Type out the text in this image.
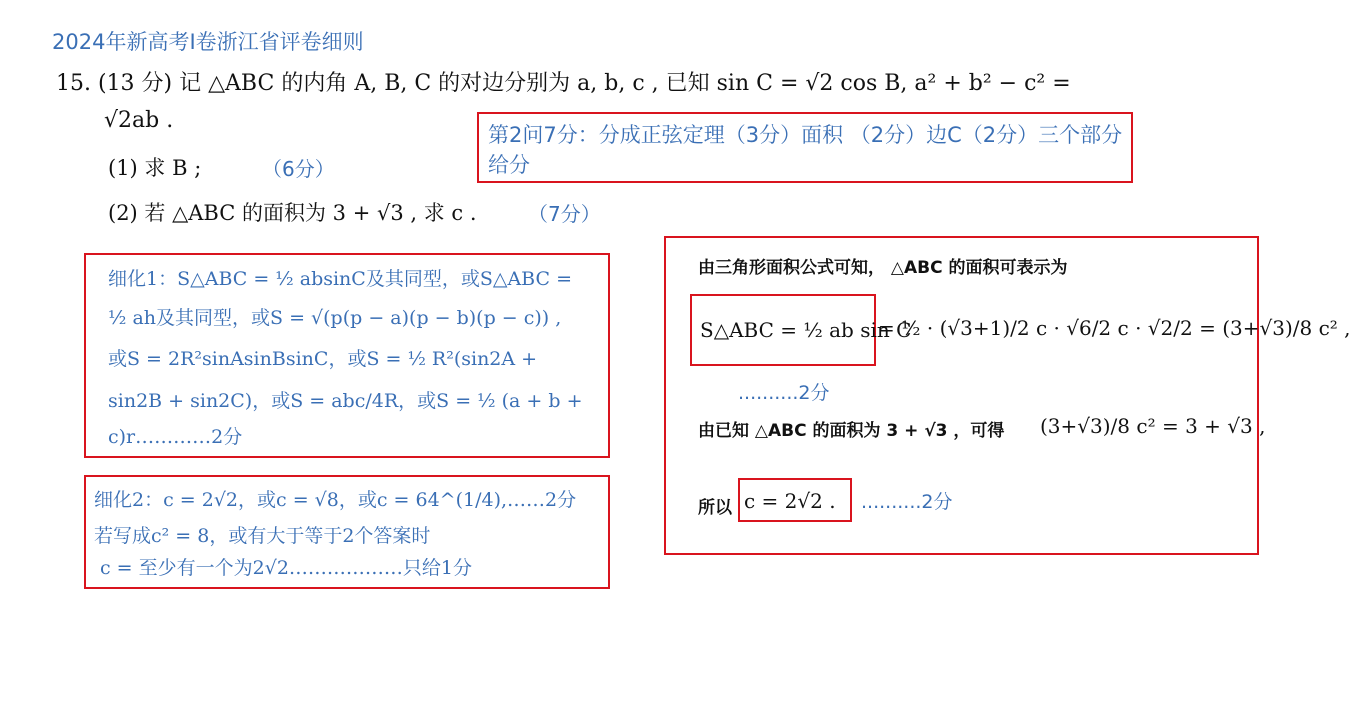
2024年新高考Ⅰ卷浙江省评卷细则
15. (13 分) 记 △ABC 的内角 A, B, C 的对边分别为 a, b, c , 已知 sin C = √2 cos B, a² + b² − c² =
√2ab .
(1) 求 B ;	（6分）
(2) 若 △ABC 的面积为 3 + √3 , 求 c .	（7分）
第2问7分：分成正弦定理（3分）面积 （2分）边C（2分）三个部分给分
细化1：S△ABC = ½ absinC及其同型，或S△ABC =
½ ah及其同型，或S = √(p(p − a)(p − b)(p − c)) ,
或S = 2R²sinAsinBsinC，或S = ½ R²(sin2A +
sin2B + sin2C)，或S = abc/4R，或S = ½ (a + b +
c)r…………2分
细化2：c = 2√2，或c = √8，或c = 64^(1/4),……2分
若写成c² = 8，或有大于等于2个答案时
c = 至少有一个为2√2………………只给1分
由三角形面积公式可知， △ABC 的面积可表示为
S△ABC = ½ ab sin C
= ½ · (√3+1)/2 c · √6/2 c · √2/2 = (3+√3)/8 c² ,
..........2分
由已知 △ABC 的面积为 3 + √3 ，可得 (3+√3)/8 c² = 3 + √3 ,
所以 c = 2√2 . ..........2分
